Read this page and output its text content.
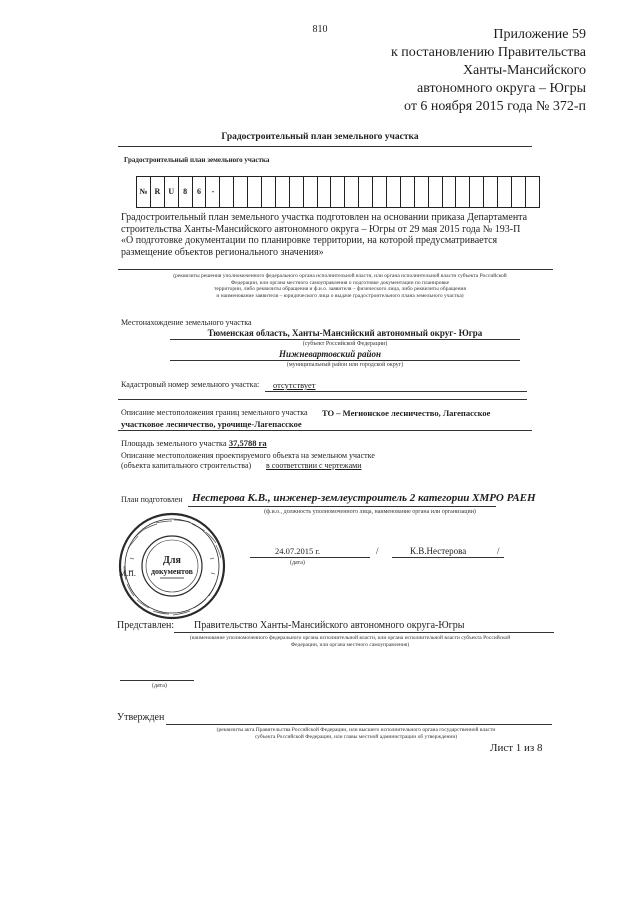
810	Приложение 59
к постановлению Правительства
Ханты-Мансийского
автономного округа – Югры
от 6 ноября 2015 года № 372-п
Градостроительный план земельного участка
Градостроительный план земельного участка
№ R	U	8	6	-
Градостроительный план земельного участка подготовлен на основании приказа Департамента
строительства Ханты-Мансийского автономного округа – Югры от 29 мая 2015 года № 193-П
«О подготовке документации по планировке территории, на которой предусматривается
размещение объектов регионального значения»
(реквизиты решения уполномоченного федерального органа исполнительной власти, или органа исполнительной власти субъекта Российской
Федерации, или органа местного самоуправления о подготовке документации по планировке
территории, либо реквизиты обращения и ф.и.о. заявителя – физического лица, либо реквизиты обращения
и наименование заявителя – юридического лица о выдаче градостроительного плана земельного участка)
Местонахождение земельного участка
Тюменская область, Ханты-Мансийский автономный округ- Югра
(субъект Российской Федерации)
Нижневартовский район
(муниципальный район или городской округ)
Кадастровый номер земельного участка: отсутствует
Описание местоположения границ земельного участка ТО – Мегионское лесничество, Лагепасское
участковое лесничество, урочище-Лагепасское
Площадь земельного участка 37,5788 га
Описание местоположения проектируемого объекта на земельном участке
(объекта капитального строительства) в соответствии с чертежами
План подготовлен Нестерова К.В., инженер-землеустроитель 2 категории ХМРО РАЕН
(ф.и.о., должность уполномоченного лица, наименование органа или организации)
Для
документов
М.П.
24.07.2015 г.
(дата)
/	К.В.Нестерова	/
Представлен: Правительство Ханты-Мансийского автономного округа-Югры
(наименование уполномоченного федерального органа исполнительной власти, или органа исполнительной власти субъекта Российской
Федерации, или органа местного самоуправления)
(дата)
Утвержден
(реквизиты акта Правительства Российской Федерации, или высшего исполнительного органа государственной власти
субъекта Российской Федерации, или главы местной администрации об утверждении)
Лист 1 из 8
